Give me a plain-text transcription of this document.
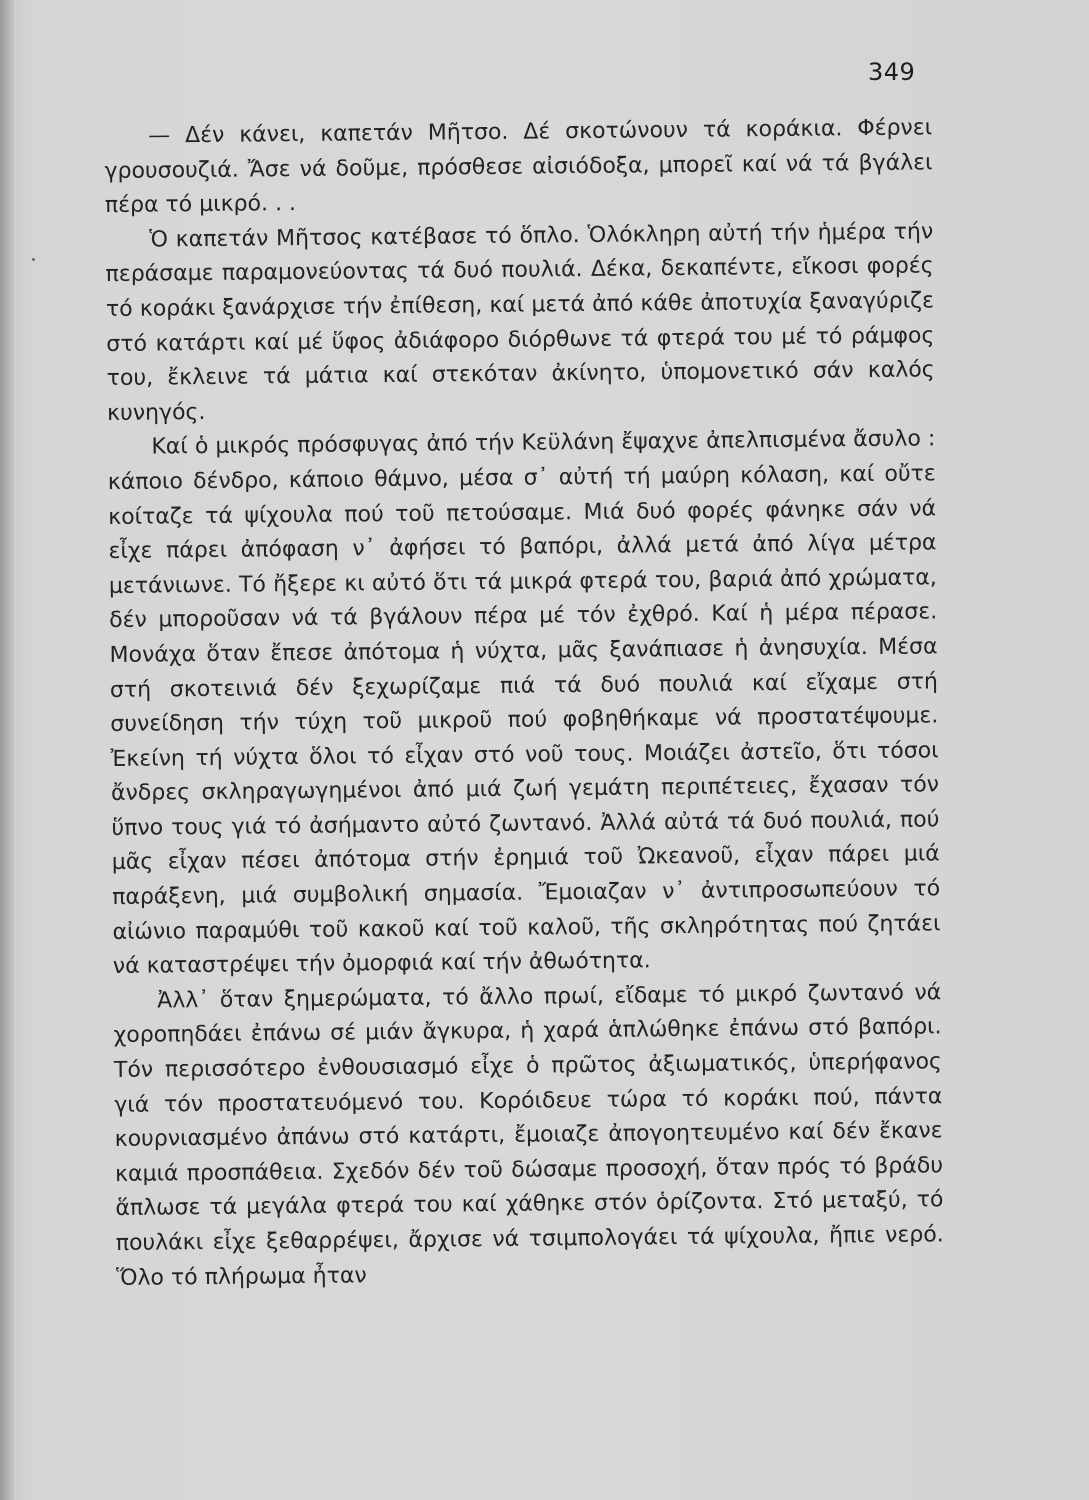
349

— Δέν κάνει, καπετάν Μῆτσο. Δέ σκοτώνουν τά κοράκια. Φέρνει γρουσουζιά. Ἄσε νά δοῦμε, πρόσθεσε αἰσιόδοξα, μπορεῖ καί νά τά βγάλει πέρα τό μικρό. . .

Ὁ καπετάν Μῆτσος κατέβασε τό ὅπλο. Ὁλόκληρη αὐτή τήν ἡμέρα τήν περάσαμε παραμονεύοντας τά δυό πουλιά. Δέκα, δεκαπέντε, εἴκοσι φορές τό κοράκι ξανάρχισε τήν ἐπίθεση, καί μετά ἀπό κάθε ἀποτυχία ξαναγύριζε στό κατάρτι καί μέ ὕφος ἀδιάφορο διόρθωνε τά φτερά του μέ τό ράμφος του, ἔκλεινε τά μάτια καί στεκόταν ἀκίνητο, ὑπομονετικό σάν καλός κυνηγός.

Καί ὁ μικρός πρόσφυγας ἀπό τήν Κεϋλάνη ἔψαχνε ἀπελπισμένα ἄσυλο : κάποιο δένδρο, κάποιο θάμνο, μέσα σ᾽ αὐτή τή μαύρη κόλαση, καί οὔτε κοίταζε τά ψίχουλα πού τοῦ πετούσαμε. Μιά δυό φορές φάνηκε σάν νά εἶχε πάρει ἀπόφαση ν᾽ ἀφήσει τό βαπόρι, ἀλλά μετά ἀπό λίγα μέτρα μετάνιωνε. Τό ἤξερε κι αὐτό ὅτι τά μικρά φτερά του, βαριά ἀπό χρώματα, δέν μποροῦσαν νά τά βγάλουν πέρα μέ τόν ἐχθρό. Καί ἡ μέρα πέρασε. Μονάχα ὅταν ἔπεσε ἀπότομα ἡ νύχτα, μᾶς ξανάπιασε ἡ ἀνησυχία. Μέσα στή σκοτεινιά δέν ξεχωρίζαμε πιά τά δυό πουλιά καί εἴχαμε στή συνείδηση τήν τύχη τοῦ μικροῦ πού φοβηθήκαμε νά προστατέψουμε. Ἐκείνη τή νύχτα ὅλοι τό εἶχαν στό νοῦ τους. Μοιάζει ἀστεῖο, ὅτι τόσοι ἄνδρες σκληραγωγημένοι ἀπό μιά ζωή γεμάτη περιπέτειες, ἔχασαν τόν ὕπνο τους γιά τό ἀσήμαντο αὐτό ζωντανό. Ἀλλά αὐτά τά δυό πουλιά, πού μᾶς εἶχαν πέσει ἀπότομα στήν ἐρημιά τοῦ Ὠκεανοῦ, εἶχαν πάρει μιά παράξενη, μιά συμβολική σημασία. Ἔμοιαζαν ν᾽ ἀντιπροσωπεύουν τό αἰώνιο παραμύθι τοῦ κακοῦ καί τοῦ καλοῦ, τῆς σκληρότητας πού ζητάει νά καταστρέψει τήν ὀμορφιά καί τήν ἀθωότητα.

Ἀλλ᾽ ὅταν ξημερώματα, τό ἄλλο πρωί, εἴδαμε τό μικρό ζωντανό νά χοροπηδάει ἐπάνω σέ μιάν ἄγκυρα, ἡ χαρά ἁπλώθηκε ἐπάνω στό βαπόρι. Τόν περισσότερο ἐνθουσιασμό εἶχε ὁ πρῶτος ἀξιωματικός, ὑπερήφανος γιά τόν προστατευόμενό του. Κορόιδευε τώρα τό κοράκι πού, πάντα κουρνιασμένο ἀπάνω στό κατάρτι, ἔμοιαζε ἀπογοητευμένο καί δέν ἔκανε καμιά προσπάθεια. Σχεδόν δέν τοῦ δώσαμε προσοχή, ὅταν πρός τό βράδυ ἅπλωσε τά μεγάλα φτερά του καί χάθηκε στόν ὁρίζοντα. Στό μεταξύ, τό πουλάκι εἶχε ξεθαρρέψει, ἄρχισε νά τσιμπολογάει τά ψίχουλα, ἤπιε νερό. Ὅλο τό πλήρωμα ἦταν
